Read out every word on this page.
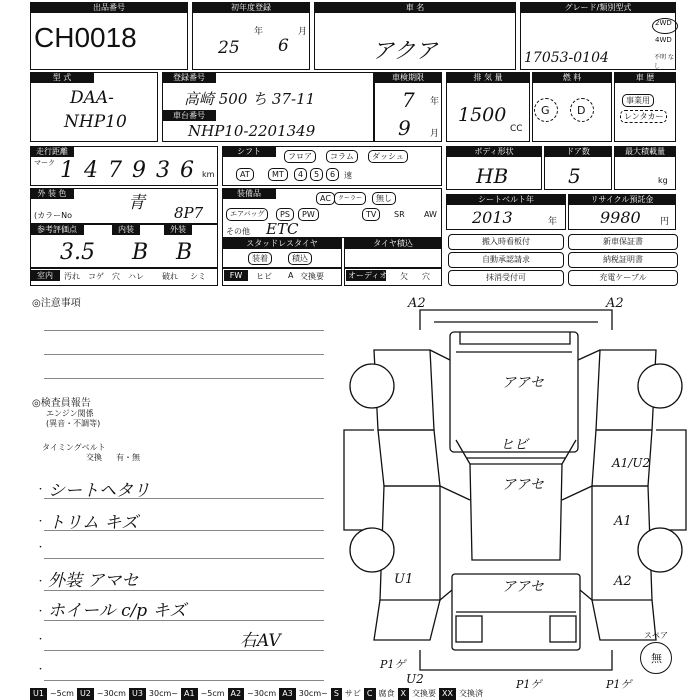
出品番号
CH0018
初年度登録
25
年
6
月
車 名
アクア
グレード/類別型式
17053-0104
2WD
4WD
不明 なし
型 式
DAA-
NHP10
登録番号
高崎 500 ち 37-11
車台番号
NHP10-2201349
車検期限
7 年
9 月
排 気 量
1500
CC
燃 料
G D
車 歴
事業用
レンタカー
走行距離
マーク 147936
km
シフト
フロア	コラム	ダッシュ
AT	MT	4	5	6	速
ボディ形状
HB
ドア数
5
最大積載量
kg
外 装 色	青
(カラーNo	8P7
装備品
AC	クーラー	無し
エアバッグ	PS	PW	TV	SR AW
その他 ETC
シートベルト年
2013	年
リサイクル預託金
9980 円
参考評価点
3.5
内装
B
外装
B	スタッドレスタイヤ
装着	積込
タイヤ積込
室内	汚れ コゲ 穴 ハレ 破れ シミ	FW	ヒビ A 交換要	オーディオ 欠 穴
搬入時看板付	新車保証書
自動承認請求	納税証明書
抹消受付可	充電ケーブル
◎注意事項
◎検査員報告
エンジン関係
(異音・不調等)
タイミングベルト
交換 有・無
・ シートヘタリ
・ トリム キズ
・
・ 外装 アマセ
・ ホイール c/p キズ
・	右AV
・
A2	A2
アアセ
ヒビ
アアセ
A1/U2
A1
U1	アアセ	A2
P1ゲ
U2	P1ゲ	P1ゲ
スペア
無
U1 ~5cm U2 ~30cm U3 30cm~ A1 ~5cm A2 ~30cm A3 30cm~ S サビ C 腐食 X 交換要 XX 交換済
